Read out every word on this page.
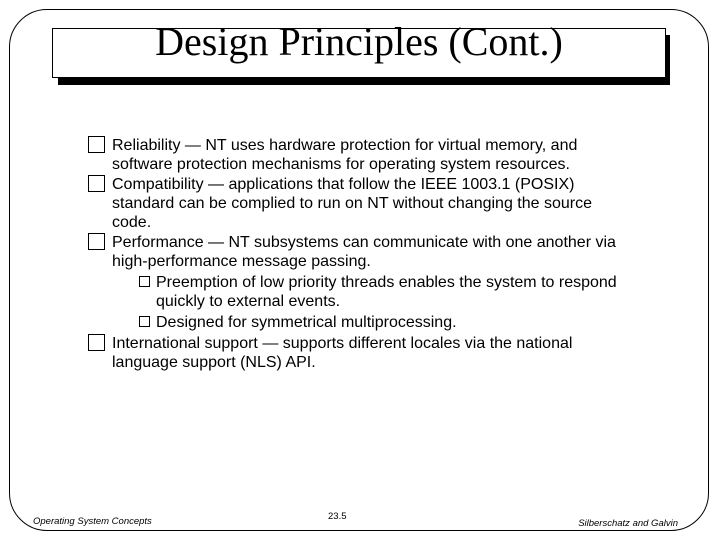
Design Principles (Cont.)
Reliability — NT uses hardware protection for virtual memory, and software protection mechanisms for operating system resources.
Compatibility — applications that follow the IEEE 1003.1 (POSIX) standard can be complied to run on NT without changing the source code.
Performance — NT subsystems can communicate with one another via high-performance message passing.
Preemption of low priority threads enables the system to respond quickly to external events.
Designed for symmetrical multiprocessing.
International support — supports different locales via the national language support (NLS) API.
Operating System Concepts	23.5
Silberschatz and Galvin
